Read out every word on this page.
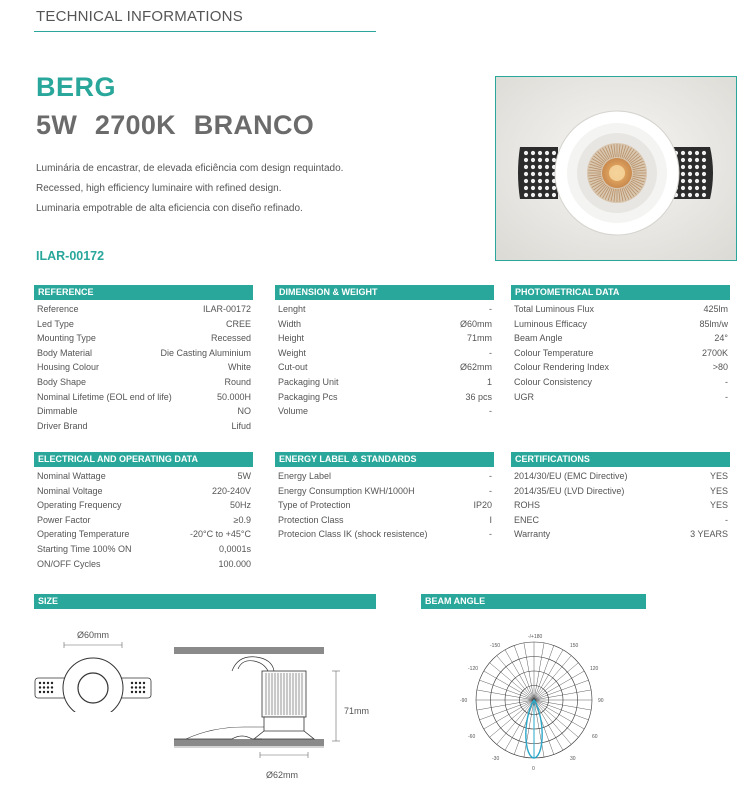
TECHNICAL INFORMATIONS
BERG
5W 2700K BRANCO
Luminária de encastrar, de elevada eficiência com design requintado.
Recessed, high efficiency luminaire with refined design.
Luminaria empotrable de alta eficiencia con diseño refinado.
ILAR-00172
REFERENCE
Reference	ILAR-00172
Led Type	CREE
Mounting Type	Recessed
Body Material	Die Casting Aluminium
Housing Colour	White
Body Shape	Round
Nominal Lifetime (EOL end of life)	50.000H
Dimmable	NO
Driver Brand	Lifud
DIMENSION & WEIGHT
Lenght	-
Width	Ø60mm
Height	71mm
Weight	-
Cut-out	Ø62mm
Packaging Unit	1
Packaging Pcs	36 pcs
Volume	-
PHOTOMETRICAL DATA
Total Luminous Flux	425lm
Luminous Efficacy	85lm/w
Beam Angle	24°
Colour Temperature	2700K
Colour Rendering Index	>80
Colour Consistency	-
UGR	-
ELECTRICAL AND OPERATING DATA
Nominal Wattage	5W
Nominal Voltage	220-240V
Operating Frequency	50Hz
Power Factor	≥0.9
Operating Temperature	-20°C to +45°C
Starting Time 100% ON	0,0001s
ON/OFF Cycles	100.000
ENERGY LABEL & STANDARDS
Energy Label	-
Energy Consumption KWH/1000H	-
Type of Protection	IP20
Protection Class	I
Protecion Class IK (shock resistence)	-
CERTIFICATIONS
2014/30/EU (EMC Directive)	YES
2014/35/EU (LVD Directive)	YES
ROHS	YES
ENEC	-
Warranty	3 YEARS
SIZE
Ø60mm
71mm
Ø62mm
BEAM ANGLE
-/+180
-150	150
-120	120
-90	90
-60	60
-30	30
0
